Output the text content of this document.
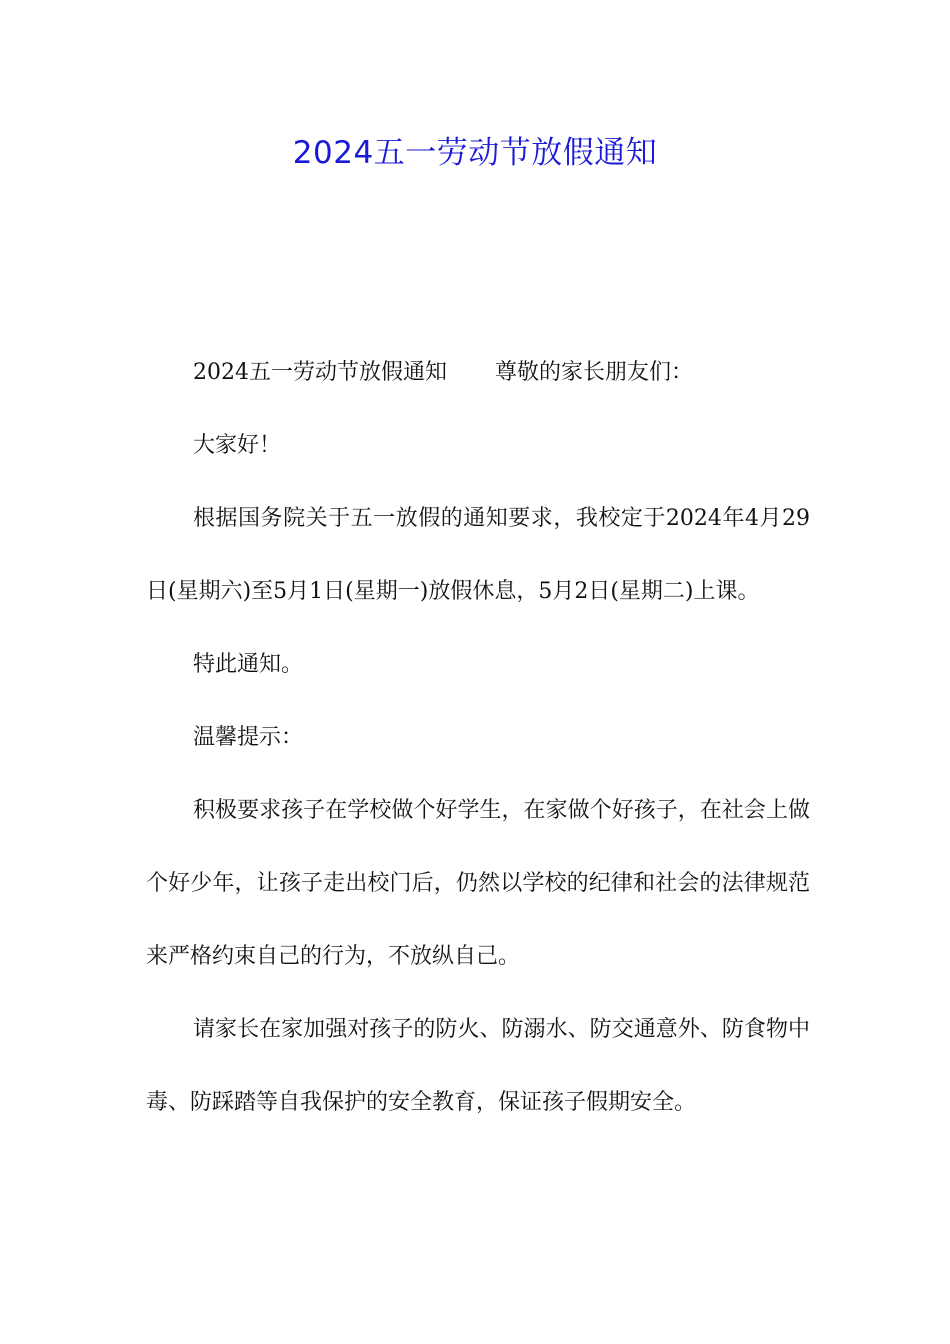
2024五一劳动节放假通知

2024五一劳动节放假通知 尊敬的家长朋友们：

大家好！

根据国务院关于五一放假的通知要求，我校定于2024年4月29日(星期六)至5月1日(星期一)放假休息，5月2日(星期二)上课。

特此通知。

温馨提示：

积极要求孩子在学校做个好学生，在家做个好孩子，在社会上做个好少年，让孩子走出校门后，仍然以学校的纪律和社会的法律规范来严格约束自己的行为，不放纵自己。

请家长在家加强对孩子的防火、防溺水、防交通意外、防食物中毒、防踩踏等自我保护的安全教育，保证孩子假期安全。
